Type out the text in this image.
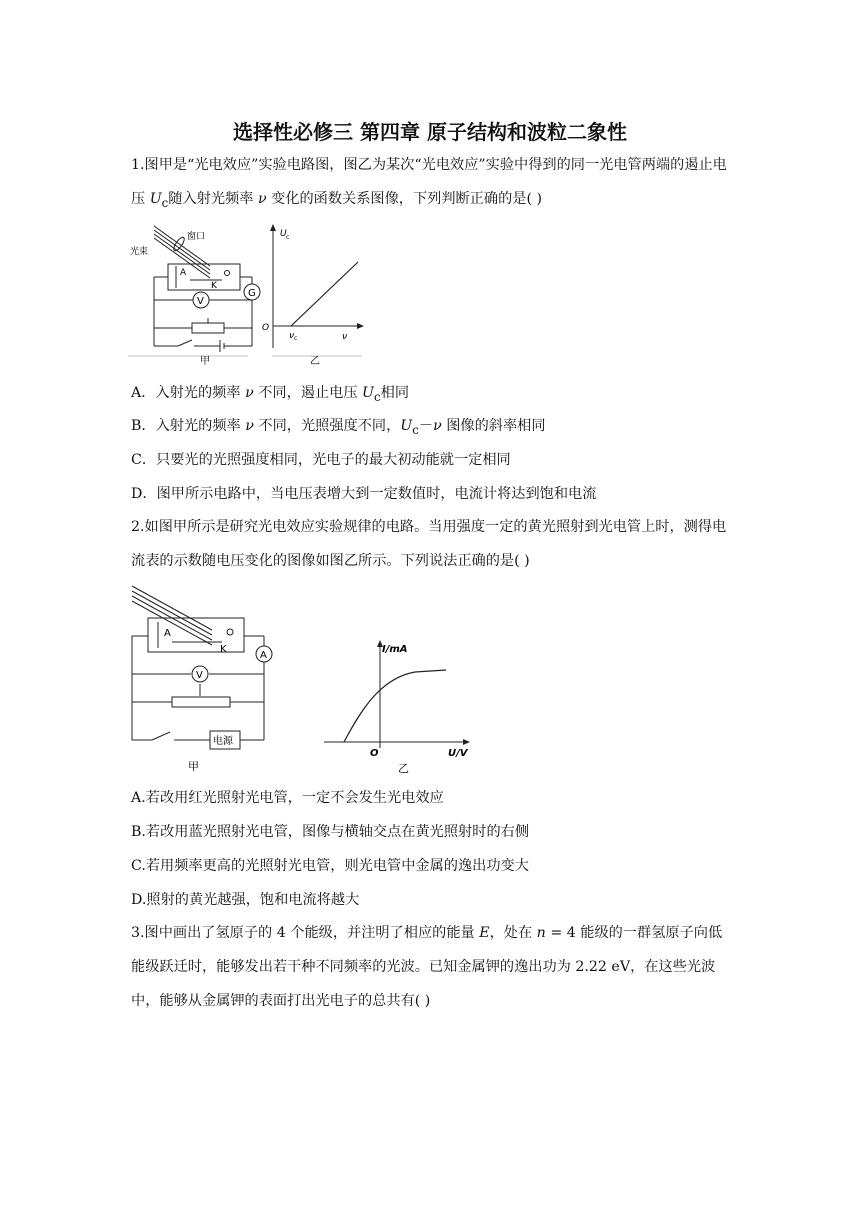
选择性必修三 第四章 原子结构和波粒二象性

1.图甲是“光电效应”实验电路图，图乙为某次“光电效应”实验中得到的同一光电管两端的遏止电压 $U_c$随入射光频率 ν 变化的函数关系图像，下列判断正确的是( )

窗口
光束
A
K
V
G
甲	乙
U c
ν
O
ν c

A．入射光的频率 ν 不同，遏止电压 $U_c$相同

B．入射光的频率 ν 不同，光照强度不同，$U_c-\nu$ 图像的斜率相同

C．只要光的光照强度相同，光电子的最大初动能就一定相同

D．图甲所示电路中，当电压表增大到一定数值时，电流计将达到饱和电流

2.如图甲所示是研究光电效应实验规律的电路。当用强度一定的黄光照射到光电管上时，测得电流表的示数随电压变化的图像如图乙所示。下列说法正确的是( )

A
K
A
V
电源
甲
I/mA
U/V
O
乙

A.若改用红光照射光电管，一定不会发生光电效应

B.若改用蓝光照射光电管，图像与横轴交点在黄光照射时的右侧

C.若用频率更高的光照射光电管，则光电管中金属的逸出功变大

D.照射的黄光越强，饱和电流将越大

3.图中画出了氢原子的 4 个能级，并注明了相应的能量 E，处在 n = 4 能级的一群氢原子向低能级跃迁时，能够发出若干种不同频率的光波。已知金属钾的逸出功为 2.22 eV，在这些光波中，能够从金属钾的表面打出光电子的总共有( )
